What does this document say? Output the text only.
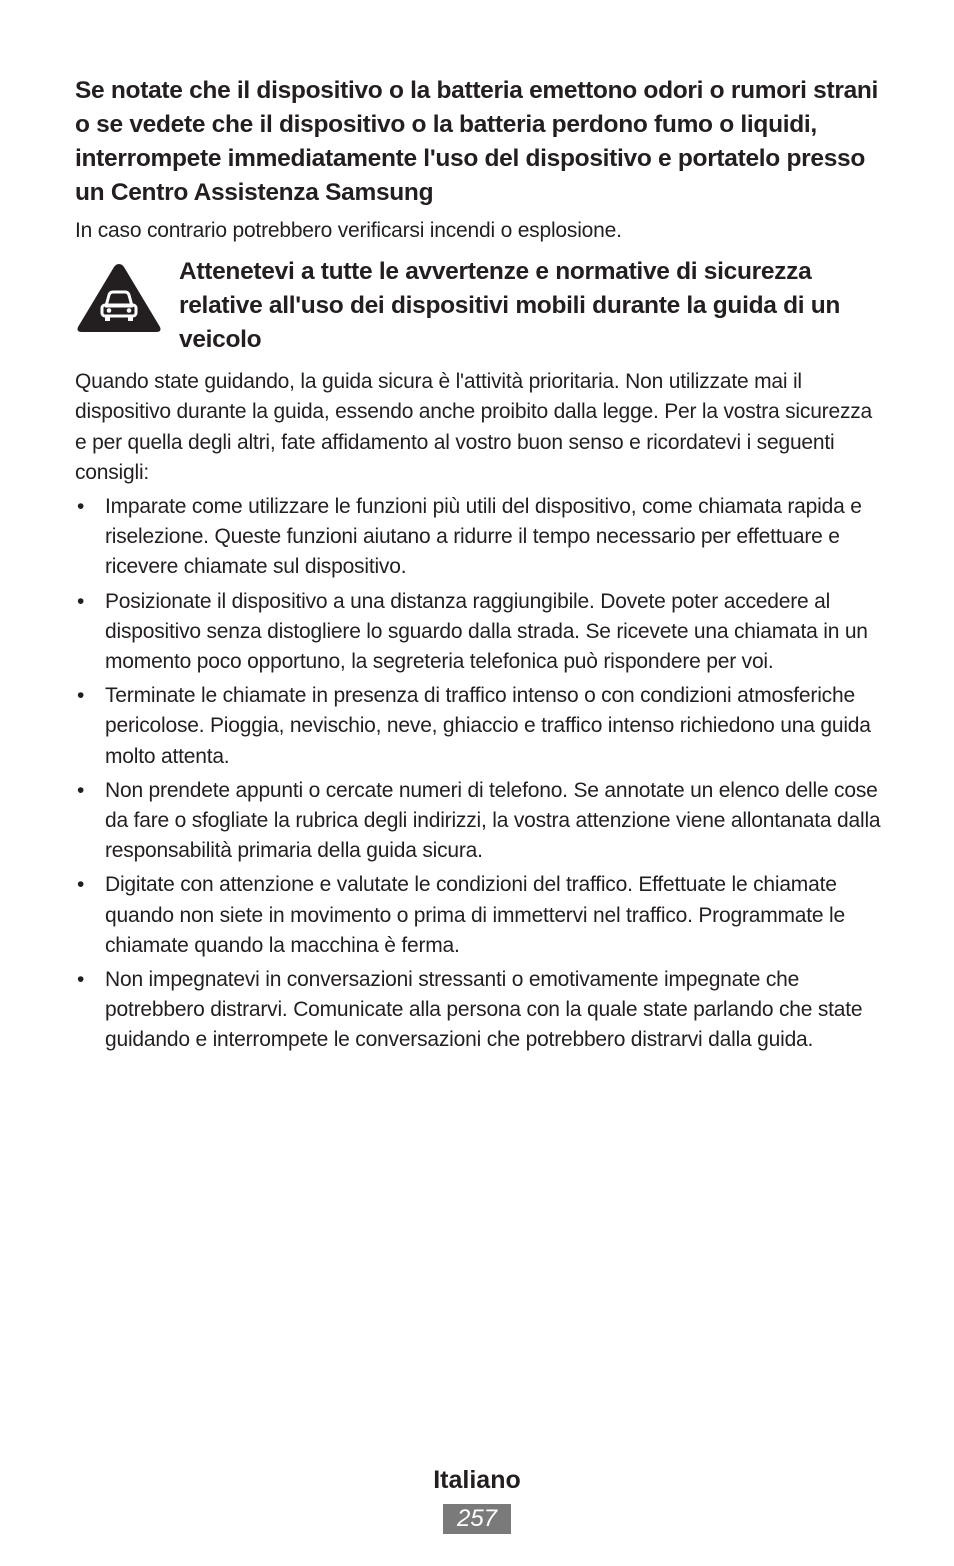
Se notate che il dispositivo o la batteria emettono odori o rumori strani o se vedete che il dispositivo o la batteria perdono fumo o liquidi, interrompete immediatamente l'uso del dispositivo e portatelo presso un Centro Assistenza Samsung

In caso contrario potrebbero verificarsi incendi o esplosione.

Attenetevi a tutte le avvertenze e normative di sicurezza relative all'uso dei dispositivi mobili durante la guida di un veicolo

Quando state guidando, la guida sicura è l'attività prioritaria. Non utilizzate mai il dispositivo durante la guida, essendo anche proibito dalla legge. Per la vostra sicurezza e per quella degli altri, fate affidamento al vostro buon senso e ricordatevi i seguenti consigli:

• Imparate come utilizzare le funzioni più utili del dispositivo, come chiamata rapida e riselezione. Queste funzioni aiutano a ridurre il tempo necessario per effettuare e ricevere chiamate sul dispositivo.
• Posizionate il dispositivo a una distanza raggiungibile. Dovete poter accedere al dispositivo senza distogliere lo sguardo dalla strada. Se ricevete una chiamata in un momento poco opportuno, la segreteria telefonica può rispondere per voi.
• Terminate le chiamate in presenza di traffico intenso o con condizioni atmosferiche pericolose. Pioggia, nevischio, neve, ghiaccio e traffico intenso richiedono una guida molto attenta.
• Non prendete appunti o cercate numeri di telefono. Se annotate un elenco delle cose da fare o sfogliate la rubrica degli indirizzi, la vostra attenzione viene allontanata dalla responsabilità primaria della guida sicura.
• Digitate con attenzione e valutate le condizioni del traffico. Effettuate le chiamate quando non siete in movimento o prima di immettervi nel traffico. Programmate le chiamate quando la macchina è ferma.
• Non impegnatevi in conversazioni stressanti o emotivamente impegnate che potrebbero distrarvi. Comunicate alla persona con la quale state parlando che state guidando e interrompete le conversazioni che potrebbero distrarvi dalla guida.
Italiano
257
